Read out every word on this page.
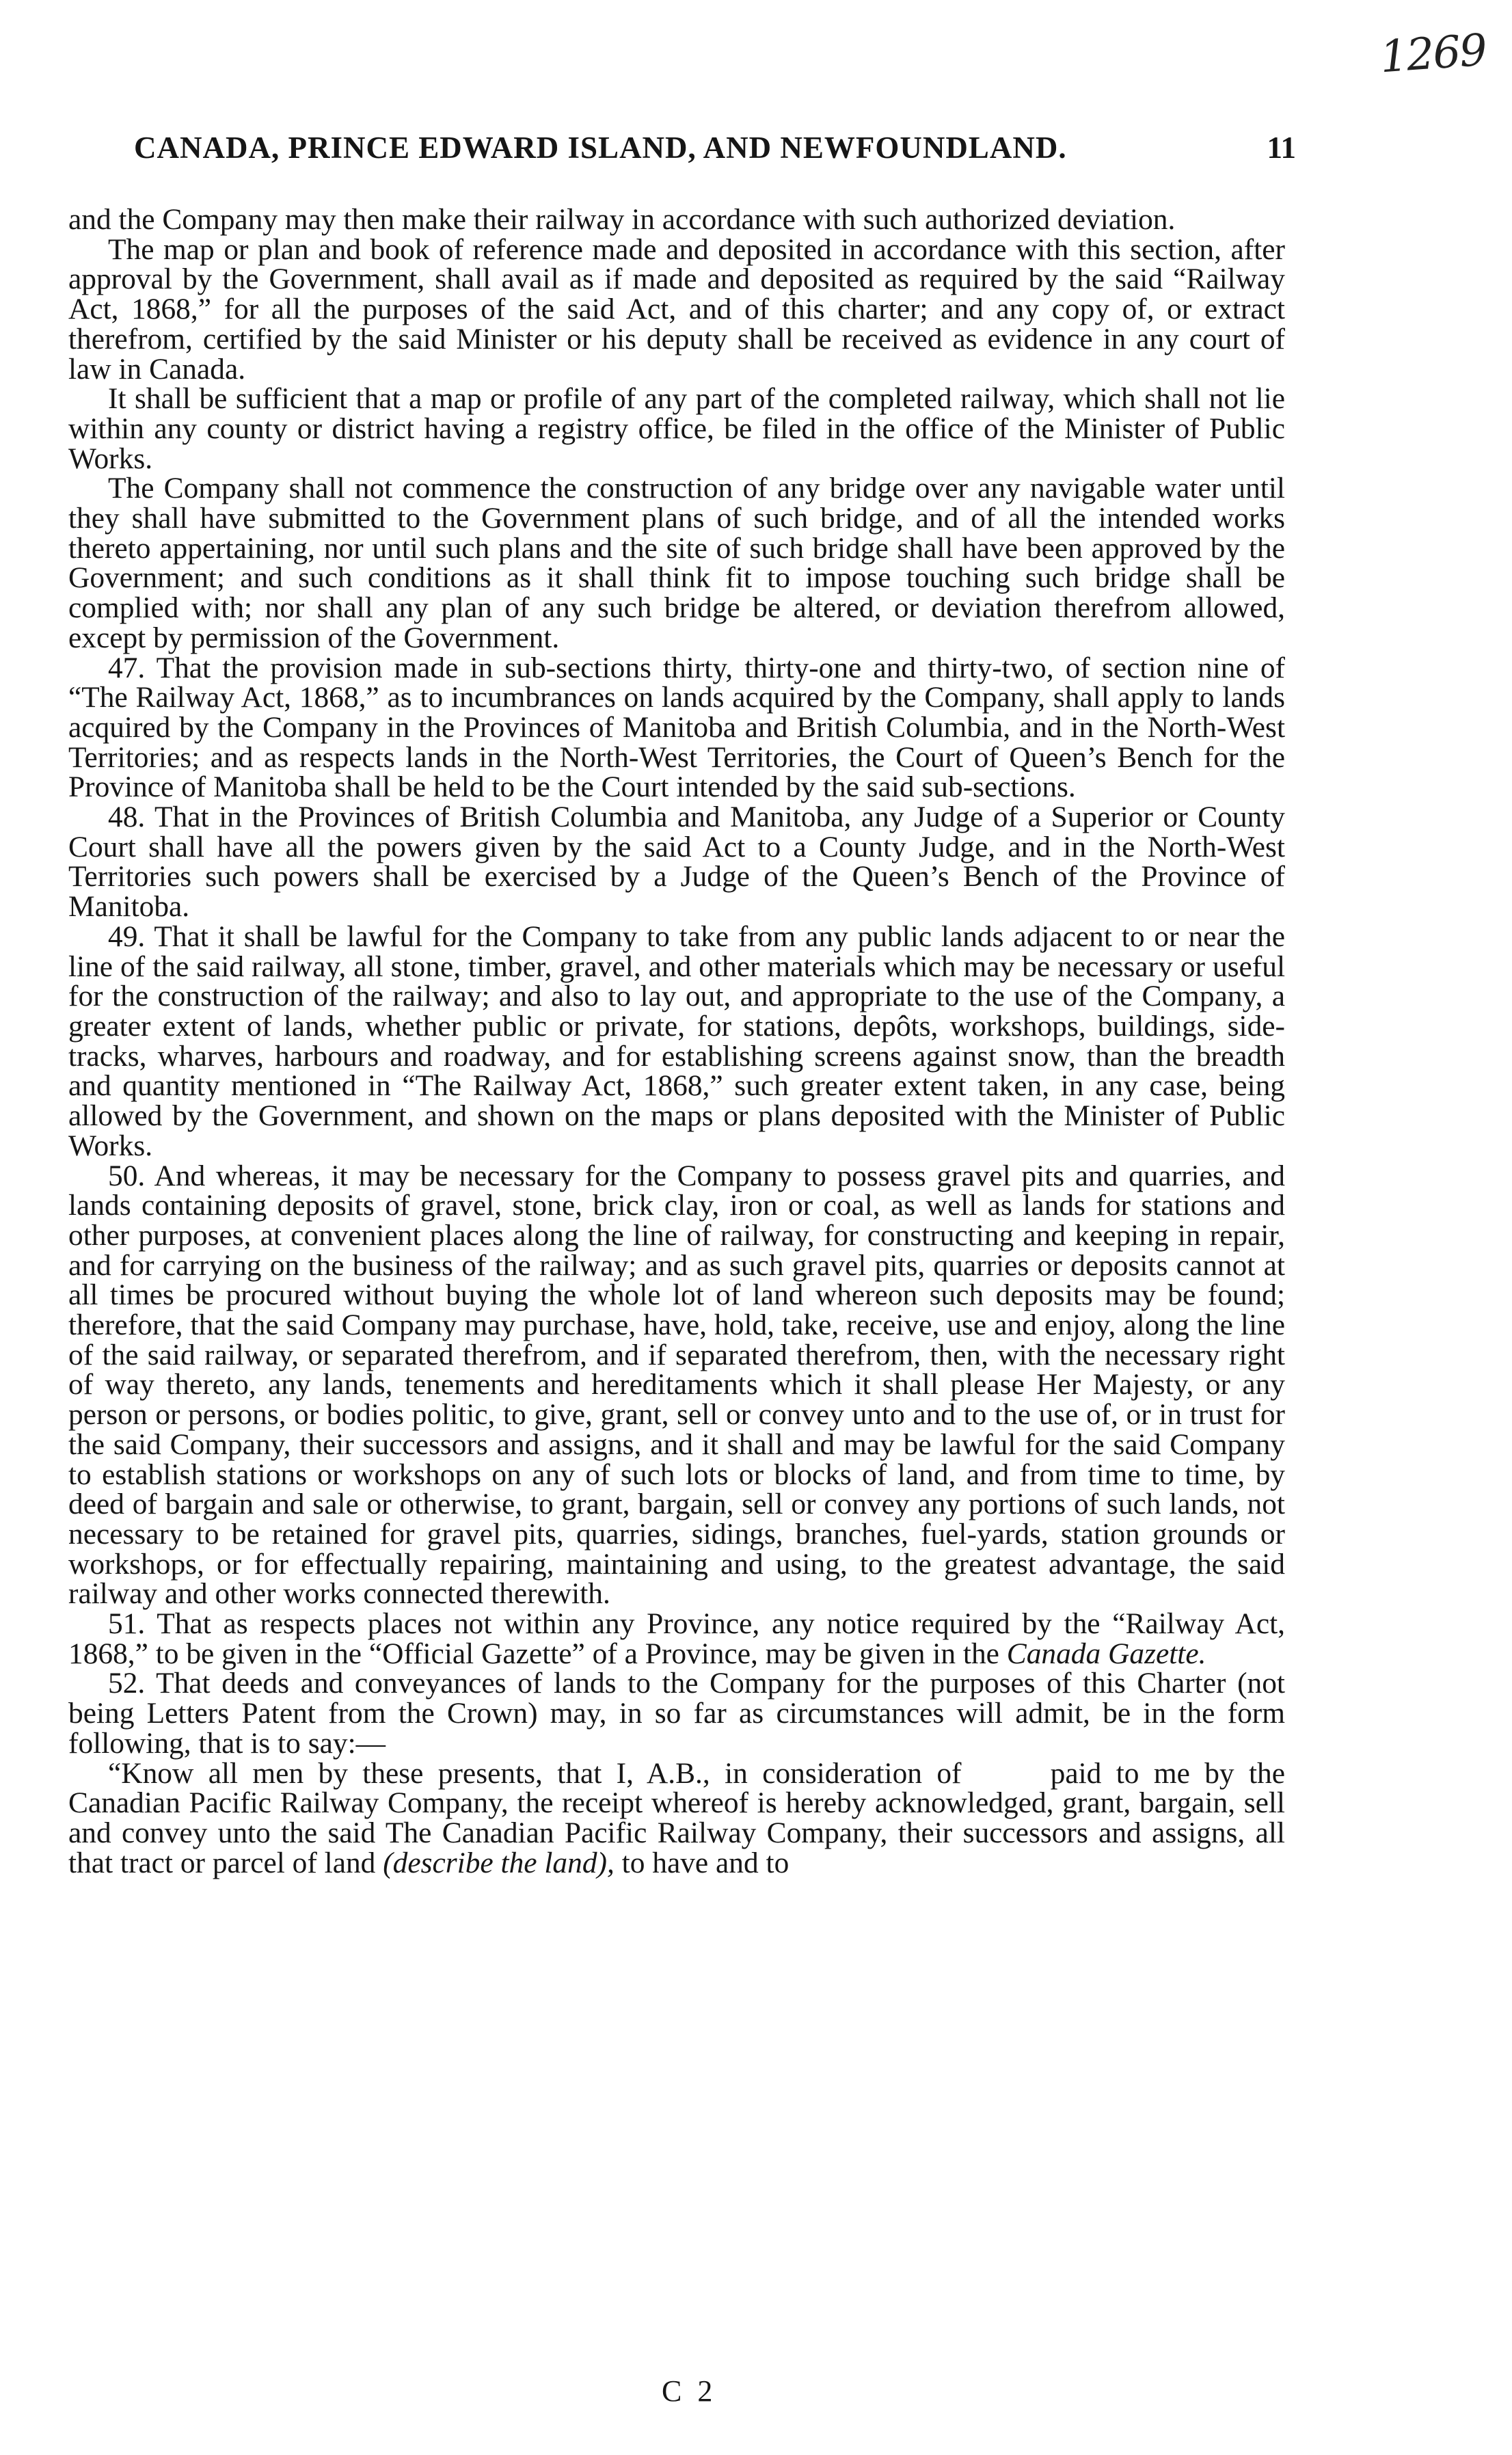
1269
CANADA, PRINCE EDWARD ISLAND, AND NEWFOUNDLAND.	11

and the Company may then make their railway in accordance with such authorized deviation.

The map or plan and book of reference made and deposited in accordance with this section, after approval by the Government, shall avail as if made and deposited as required by the said “Railway Act, 1868,” for all the purposes of the said Act, and of this charter; and any copy of, or extract therefrom, certified by the said Minister or his deputy shall be received as evidence in any court of law in Canada.

It shall be sufficient that a map or profile of any part of the completed railway, which shall not lie within any county or district having a registry office, be filed in the office of the Minister of Public Works.

The Company shall not commence the construction of any bridge over any navigable water until they shall have submitted to the Government plans of such bridge, and of all the intended works thereto appertaining, nor until such plans and the site of such bridge shall have been approved by the Government; and such conditions as it shall think fit to impose touching such bridge shall be complied with; nor shall any plan of any such bridge be altered, or deviation therefrom allowed, except by permission of the Government.

47. That the provision made in sub-sections thirty, thirty-one and thirty-two, of section nine of “The Railway Act, 1868,” as to incumbrances on lands acquired by the Company, shall apply to lands acquired by the Company in the Provinces of Manitoba and British Columbia, and in the North-West Territories; and as respects lands in the North-West Territories, the Court of Queen’s Bench for the Province of Manitoba shall be held to be the Court intended by the said sub-sections.

48. That in the Provinces of British Columbia and Manitoba, any Judge of a Superior or County Court shall have all the powers given by the said Act to a County Judge, and in the North-West Territories such powers shall be exercised by a Judge of the Queen’s Bench of the Province of Manitoba.

49. That it shall be lawful for the Company to take from any public lands adjacent to or near the line of the said railway, all stone, timber, gravel, and other materials which may be necessary or useful for the construction of the railway; and also to lay out, and appropriate to the use of the Company, a greater extent of lands, whether public or private, for stations, depôts, workshops, buildings, side-tracks, wharves, harbours and roadway, and for establishing screens against snow, than the breadth and quantity mentioned in “The Railway Act, 1868,” such greater extent taken, in any case, being allowed by the Government, and shown on the maps or plans deposited with the Minister of Public Works.

50. And whereas, it may be necessary for the Company to possess gravel pits and quarries, and lands containing deposits of gravel, stone, brick clay, iron or coal, as well as lands for stations and other purposes, at convenient places along the line of railway, for constructing and keeping in repair, and for carrying on the business of the railway; and as such gravel pits, quarries or deposits cannot at all times be procured without buying the whole lot of land whereon such deposits may be found; therefore, that the said Company may purchase, have, hold, take, receive, use and enjoy, along the line of the said railway, or separated therefrom, and if separated therefrom, then, with the necessary right of way thereto, any lands, tenements and hereditaments which it shall please Her Majesty, or any person or persons, or bodies politic, to give, grant, sell or convey unto and to the use of, or in trust for the said Company, their successors and assigns, and it shall and may be lawful for the said Company to establish stations or workshops on any of such lots or blocks of land, and from time to time, by deed of bargain and sale or otherwise, to grant, bargain, sell or convey any portions of such lands, not necessary to be retained for gravel pits, quarries, sidings, branches, fuel-yards, station grounds or workshops, or for effectually repairing, maintaining and using, to the greatest advantage, the said railway and other works connected therewith.

51. That as respects places not within any Province, any notice required by the “Railway Act, 1868,” to be given in the “Official Gazette” of a Province, may be given in the Canada Gazette.

52. That deeds and conveyances of lands to the Company for the purposes of this Charter (not being Letters Patent from the Crown) may, in so far as circumstances will admit, be in the form following, that is to say:—

“Know all men by these presents, that I, A.B., in consideration of   paid to me by the Canadian Pacific Railway Company, the receipt whereof is hereby acknowledged, grant, bargain, sell and convey unto the said The Canadian Pacific Railway Company, their successors and assigns, all that tract or parcel of land (describe the land), to have and to

C 2
